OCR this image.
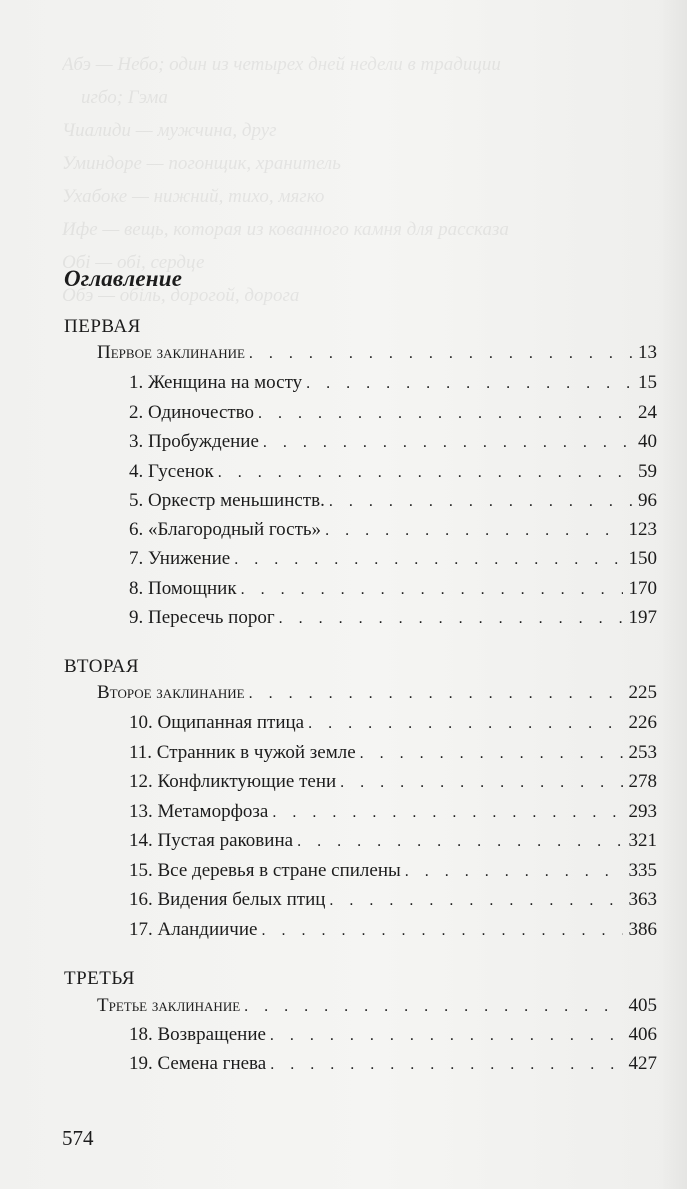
Абэ — Небо; один из четырех дней недели в традиции
игбо; Гэма
Чиалиди — мужчина, друг
Уминдоре — погонщик, хранитель
Ухабоке — нижний, тихо, мягко
Ифе — вещь, которая из кованного камня для рассказа
Обі — обі, сердце
Обэ — обіль, дорогой, дорога
Оглавление
ПЕРВАЯ
Первое заклинание . . .	13
1. Женщина на мосту . . .	15
2. Одиночество . . .	24
3. Пробуждение . . .	40
4. Гусенок . . .	59
5. Оркестр меньшинств. . . .	96
6. «Благородный гость» . . .	123
7. Унижение . . .	150
8. Помощник . . .	170
9. Пересечь порог . . .	197
ВТОРАЯ
Второе заклинание . . .	225
10. Ощипанная птица . . .	226
11. Странник в чужой земле . . .	253
12. Конфликтующие тени . . .	278
13. Метаморфоза . . .	293
14. Пустая раковина . . .	321
15. Все деревья в стране спилены . . .	335
16. Видения белых птиц . . .	363
17. Аландиичие . . .	386
ТРЕТЬЯ
Третье заклинание . . .	405
18. Возвращение . . .	406
19. Семена гнева . . .	427
574
